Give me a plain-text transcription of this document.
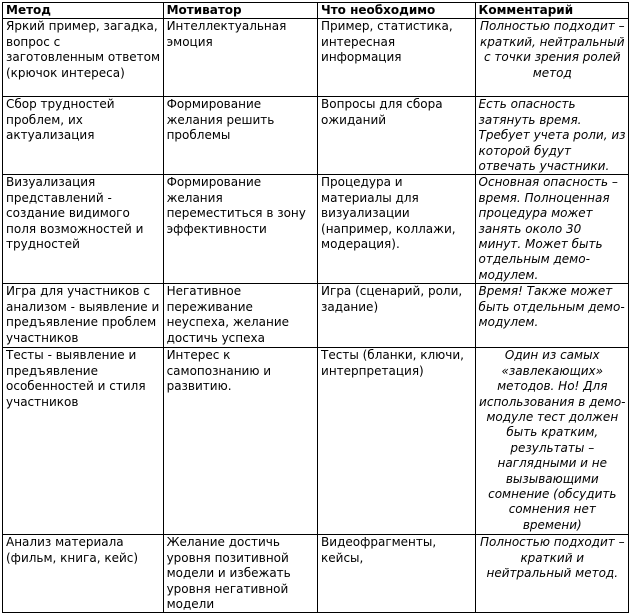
Метод	Мотиватор	Что необходимо	Комментарий
Яркий пример, загадка, вопрос с заготовленным ответом (крючок интереса)	Интеллектуальная эмоция	Пример, статистика, интересная информация	Полностью подходит – краткий, нейтральный с точки зрения ролей метод
Сбор трудностей проблем, их актуализация	Формирование желания решить проблемы	Вопросы для сбора ожиданий	Есть опасность затянуть время. Требует учета роли, из которой будут отвечать участники.
Визуализация представлений - создание видимого поля возможностей и трудностей	Формирование желания переместиться в зону эффективности	Процедура и материалы для визуализации (например, коллажи, модерация).	Основная опасность – время. Полноценная процедура может занять около 30 минут. Может быть отдельным демо-модулем.
Игра для участников с анализом - выявление и предъявление проблем участников	Негативное переживание неуспеха, желание достичь успеха	Игра (сценарий, роли, задание)	Время! Также может быть отдельным демо-модулем.
Тесты - выявление и предъявление особенностей и стиля участников	Интерес к самопознанию и развитию.	Тесты (бланки, ключи, интерпретация)	Один из самых «завлекающих» методов. Но! Для использования в демо-модуле тест должен быть кратким, результаты – наглядными и не вызывающими сомнение (обсудить сомнения нет времени)
Анализ материала (фильм, книга, кейс)	Желание достичь уровня позитивной модели и избежать уровня негативной модели	Видеофрагменты, кейсы,	Полностью подходит – краткий и нейтральный метод.
